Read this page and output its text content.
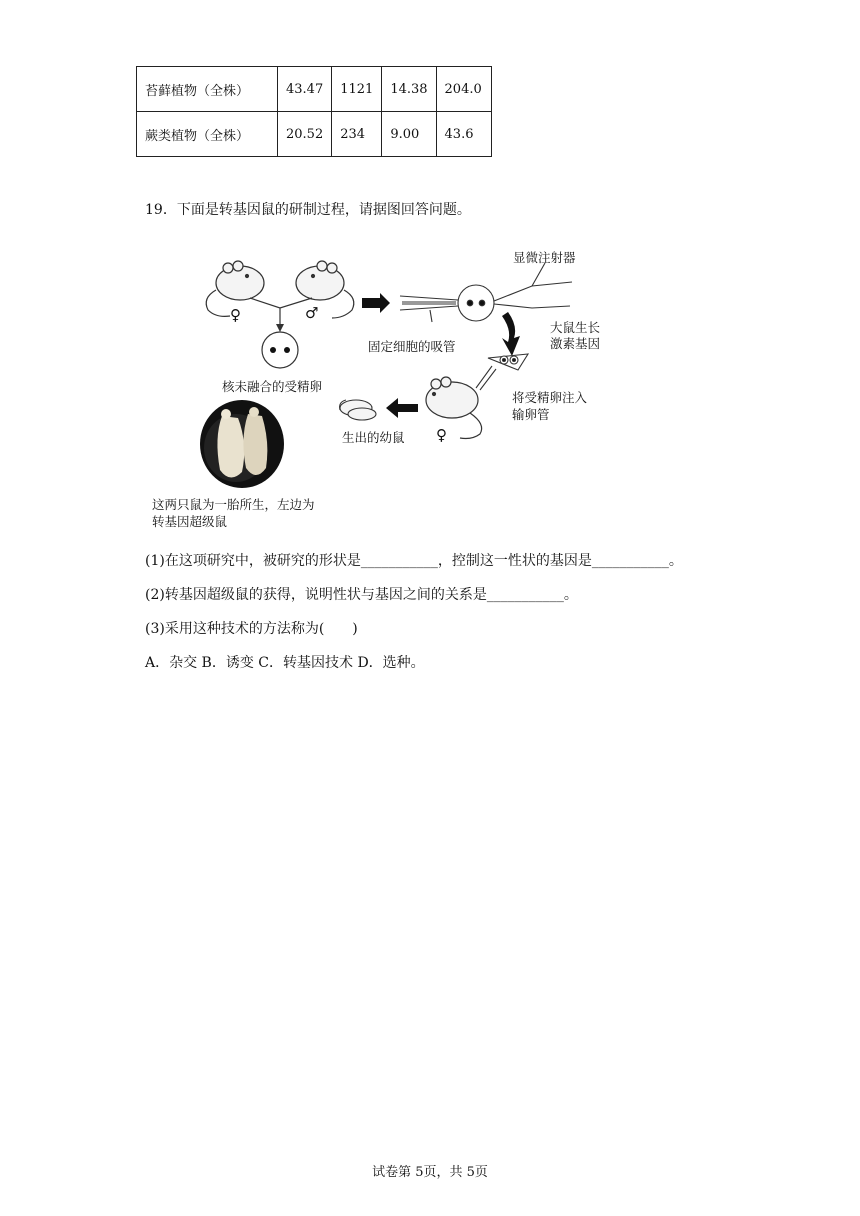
苔藓植物（全株）	43.47	1121	14.38	204.0
蕨类植物（全株）	20.52	234	9.00	43.6
19．下面是转基因鼠的研制过程，请据图回答问题。
显微注射器
固定细胞的吸管
大鼠生长
激素基因
核未融合的受精卵
将受精卵注入
输卵管
生出的幼鼠
♀	♂
♀
这两只鼠为一胎所生，左边为
转基因超级鼠
(1)在这项研究中，被研究的形状是___________，控制这一性状的基因是___________。
(2)转基因超级鼠的获得，说明性状与基因之间的关系是___________。
(3)采用这种技术的方法称为(　　)
A．杂交 B．诱变 C．转基因技术 D．选种。
试卷第 5页，共 5页
